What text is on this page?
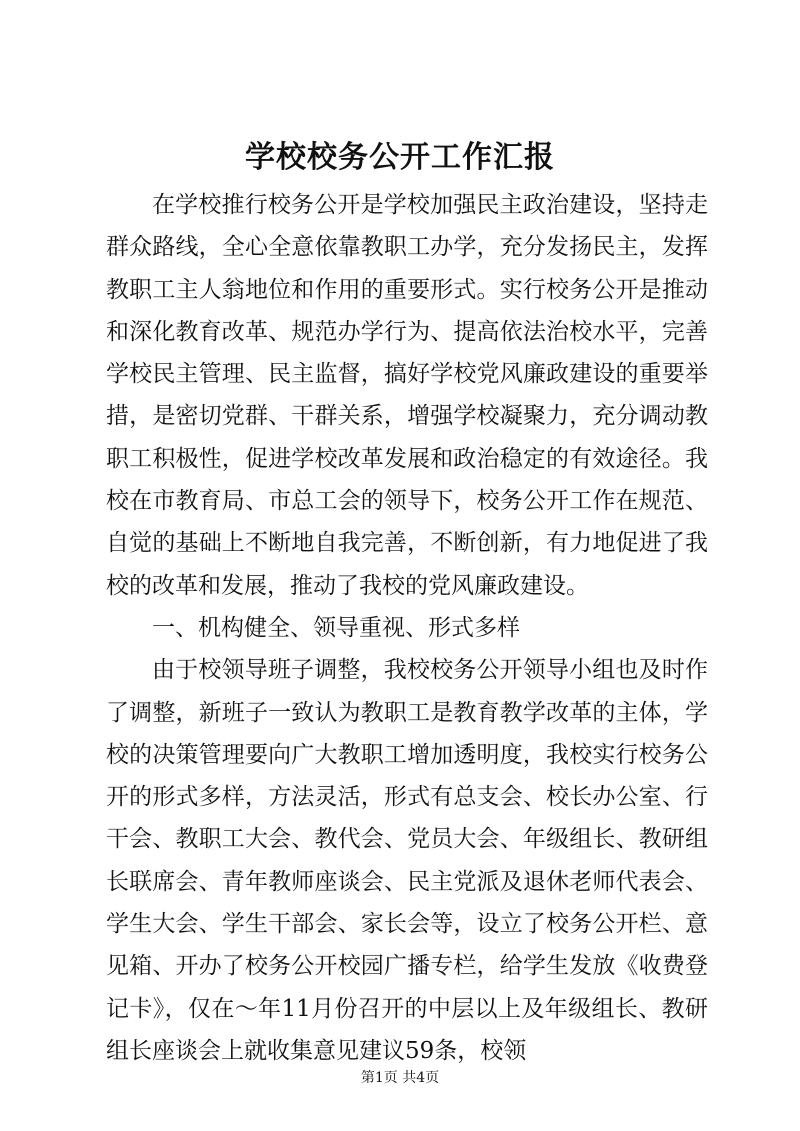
学校校务公开工作汇报

在学校推行校务公开是学校加强民主政治建设，坚持走群众路线，全心全意依靠教职工办学，充分发扬民主，发挥教职工主人翁地位和作用的重要形式。实行校务公开是推动和深化教育改革、规范办学行为、提高依法治校水平，完善学校民主管理、民主监督，搞好学校党风廉政建设的重要举措，是密切党群、干群关系，增强学校凝聚力，充分调动教职工积极性，促进学校改革发展和政治稳定的有效途径。我校在市教育局、市总工会的领导下，校务公开工作在规范、自觉的基础上不断地自我完善，不断创新，有力地促进了我校的改革和发展，推动了我校的党风廉政建设。

一、机构健全、领导重视、形式多样

由于校领导班子调整，我校校务公开领导小组也及时作了调整，新班子一致认为教职工是教育教学改革的主体，学校的决策管理要向广大教职工增加透明度，我校实行校务公开的形式多样，方法灵活，形式有总支会、校长办公室、行干会、教职工大会、教代会、党员大会、年级组长、教研组长联席会、青年教师座谈会、民主党派及退休老师代表会、学生大会、学生干部会、家长会等，设立了校务公开栏、意见箱、开办了校务公开校园广播专栏，给学生发放《收费登记卡》，仅在～年11月份召开的中层以上及年级组长、教研组长座谈会上就收集意见建议59条，校领

第1页 共4页
